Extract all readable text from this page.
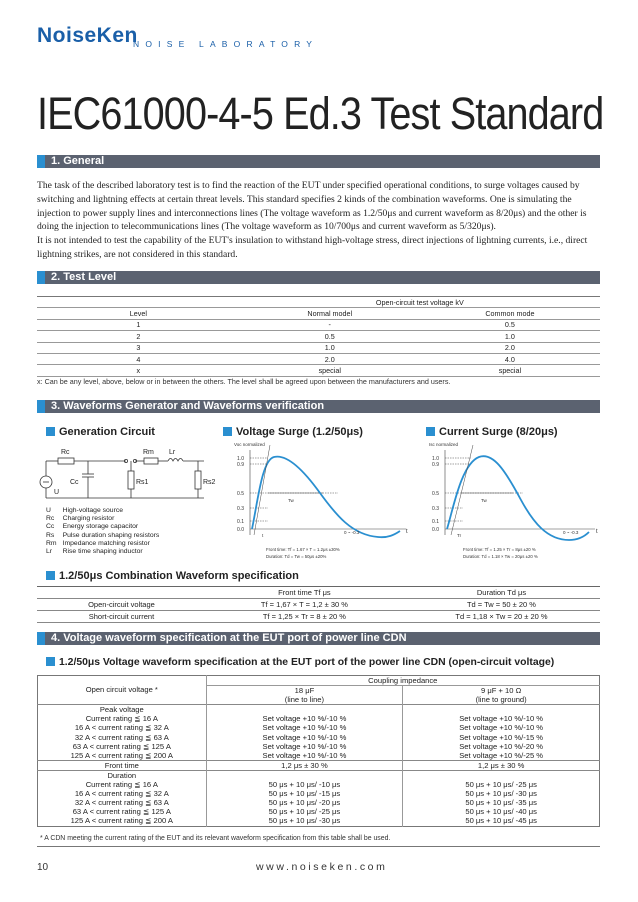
NoiseKen
NOISE LABORATORY
IEC61000-4-5 Ed.3 Test Standard
1. General
The task of the described laboratory test is to find the reaction of the EUT under specified operational conditions, to surge voltages caused by switching and lightning effects at certain threat levels. This standard specifies 2 kinds of the combination waveforms. One is simulating the injection to power supply lines and interconnections lines (The voltage waveform as 1.2/50μs and current waveform as 8/20μs) and the other is doing the injection to telecommunications lines (The voltage waveform as 10/700μs and current waveform as 5/320μs).
It is not intended to test the capability of the EUT's insulation to withstand high-voltage stress, direct injections of lightning currents, i.e., direct lightning strikes, are not considered in this standard.
2. Test Level
	Open-circuit test voltage kV	
Level	Normal model	Common mode
1	-	0.5
2	0.5	1.0
3	1.0	2.0
4	2.0	4.0
x	special	special
x: Can be any level, above, below or in between the others. The level shall be agreed upon between the manufacturers and users.
3. Waveforms Generator and Waveforms verification
Generation Circuit	Voltage Surge (1.2/50μs)	Current Surge (8/20μs)
Rc	Rm Lr
Cc	Rs1	Rs2
U
U	High-voltage source
Rc	Charging resistor
Cc	Energy storage capacitor
Rs	Pulse duration shaping resistors
Rm	Impedance matching resistor
Lr	Rise time shaping inductor
Voc normalized
1.0
0.9
0.5
0.3
0.1
0.0
Tw
t
0 ~ -0.3	t
Front time: Tf = 1.67 × T = 1.2μs ±30%
Duration: Td = Tw = 50μs ±20%
Isc normalized
1.0
0.9
0.5
0.3
0.1
0.0
Tw
Tr
0 ~ -0.3	t
Front time: Tf = 1.25 × Tr = 8μs ±20 %
Duration: Td = 1.18 × Tw = 20μs ±20 %
1.2/50μs Combination Waveform specification
	Front time Tf μs	Duration Td μs
Open-circuit voltage	Tf = 1,67 × T = 1,2 ± 30 %	Td = Tw = 50 ± 20 %
Short-circuit current	Tf = 1,25 × Tr = 8 ± 20 %	Td = 1,18 × Tw = 20 ± 20 %
4. Voltage waveform specification at the EUT port of power line CDN
1.2/50μs Voltage waveform specification at the EUT port of the power line CDN (open-circuit voltage)
Open circuit voltage *	Coupling impedance	
	18 μF	9 μF + 10 Ω
	(line to line)	(line to ground)
Peak voltage		
Current rating ≦ 16 A	Set voltage +10 %/-10 %	Set voltage +10 %/-10 %
16 A < current rating ≦ 32 A	Set voltage +10 %/-10 %	Set voltage +10 %/-10 %
32 A < current rating ≦ 63 A	Set voltage +10 %/-10 %	Set voltage +10 %/-15 %
63 A < current rating ≦ 125 A	Set voltage +10 %/-10 %	Set voltage +10 %/-20 %
125 A < current rating ≦ 200 A	Set voltage +10 %/-10 %	Set voltage +10 %/-25 %
Front time	1,2 μs ± 30 %	1,2 μs ± 30 %
Duration		
Current rating ≦ 16 A	50 μs + 10 μs/ -10 μs	50 μs + 10 μs/ -25 μs
16 A < current rating ≦ 32 A	50 μs + 10 μs/ -15 μs	50 μs + 10 μs/ -30 μs
32 A < current rating ≦ 63 A	50 μs + 10 μs/ -20 μs	50 μs + 10 μs/ -35 μs
63 A < current rating ≦ 125 A	50 μs + 10 μs/ -25 μs	50 μs + 10 μs/ -40 μs
125 A < current rating ≦ 200 A	50 μs + 10 μs/ -30 μs	50 μs + 10 μs/ -45 μs
* A CDN meeting the current rating of the EUT and its relevant waveform specification from this table shall be used.
10	www.noiseken.com
